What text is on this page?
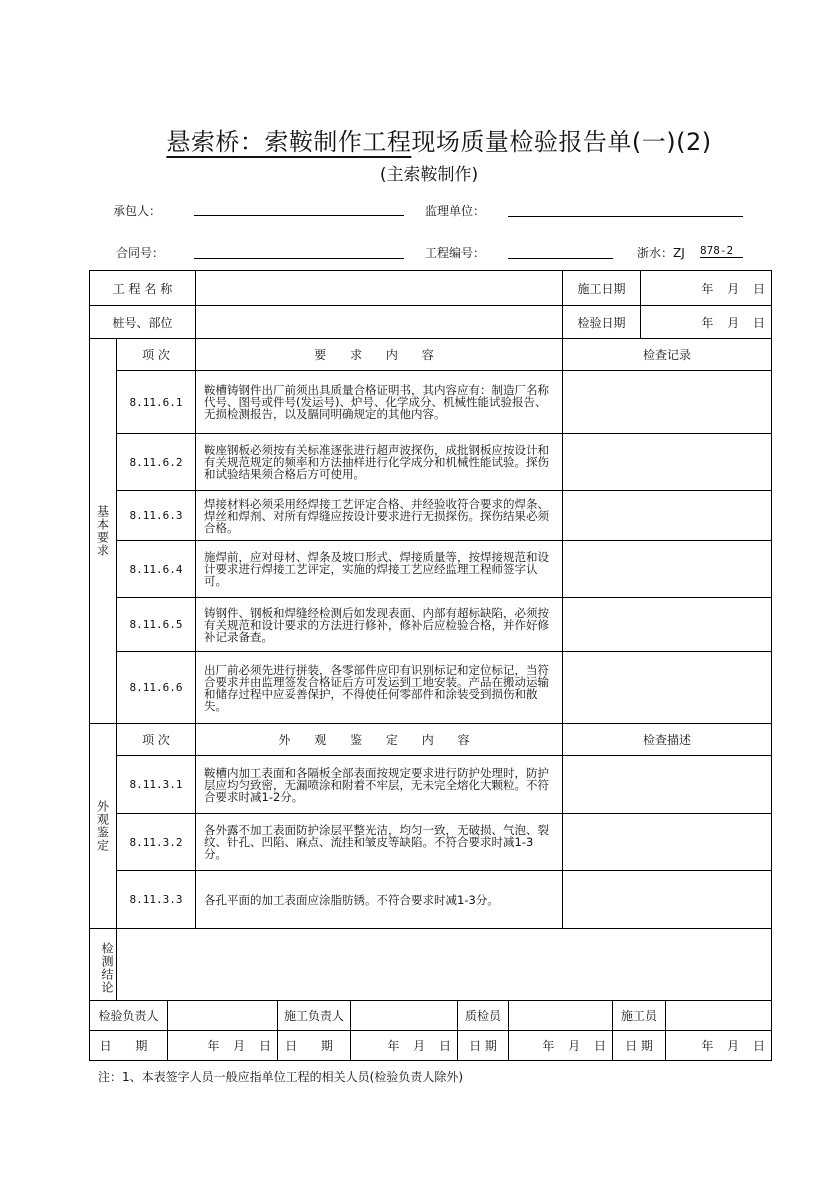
悬索桥：索鞍制作工程现场质量检验报告单(一)(2)
(主索鞍制作)
承包人：	监理单位：
合同号：	工程编号：	浙水：ZJ 878-2
工 程 名 称			施工日期	年 月 日
桩号、部位			检验日期	年 月 日
基本要求	项 次	要 求 内 容	检查记录	
	8.11.6.1	鞍槽铸钢件出厂前须出具质量合格证明书，其内容应有：制造厂名称代号、图号或件号(发运号)、炉号、化学成分、机械性能试验报告、无损检测报告，以及膈同明确规定的其他内容。		
	8.11.6.2	鞍座钢板必须按有关标准逐张进行超声波探伤，成批钢板应按设计和有关规范规定的频率和方法抽样进行化学成分和机械性能试验。探伤和试验结果须合格后方可使用。		
	8.11.6.3	焊接材料必须采用经焊接工艺评定合格、并经验收符合要求的焊条、焊丝和焊剂、对所有焊缝应按设计要求进行无损探伤。探伤结果必须合格。		
	8.11.6.4	施焊前，应对母材、焊条及坡口形式、焊接质量等，按焊接规范和设计要求进行焊接工艺评定，实施的焊接工艺应经监理工程师签字认可。		
	8.11.6.5	铸钢件、钢板和焊缝经检测后如发现表面、内部有超标缺陷，必须按有关规范和设计要求的方法进行修补，修补后应检验合格，并作好修补记录备查。		
	8.11.6.6	出厂前必须先进行拼装，各零部件应印有识别标记和定位标记，当符合要求并由监理签发合格证后方可发运到工地安装。产品在搬动运输和储存过程中应妥善保护，不得使任何零部件和涂装受到损伤和散失。		
外观鉴定	项 次	外 观 鉴 定 内 容	检查描述	
	8.11.3.1	鞍槽内加工表面和各隔板全部表面按规定要求进行防护处理时，防护层应均匀致密，无漏喷涂和附着不牢层，无未完全熔化大颗粒。不符合要求时减1-2分。		
	8.11.3.2	各外露不加工表面防护涂层平整光洁，均匀一致，无破损、气泡、裂纹、针孔、凹陷、麻点、流挂和皱皮等缺陷。不符合要求时减1-3分。		
	8.11.3.3	各孔平面的加工表面应涂脂肪锈。不符合要求时减1-3分。		
检测结论				
检验负责人		施工负责人		质检员		施工员	
日 期	年 月 日	日 期	年 月 日	日 期	年 月 日	日 期	年 月 日
注：1、本表签字人员一般应指单位工程的相关人员(检验负责人除外)
